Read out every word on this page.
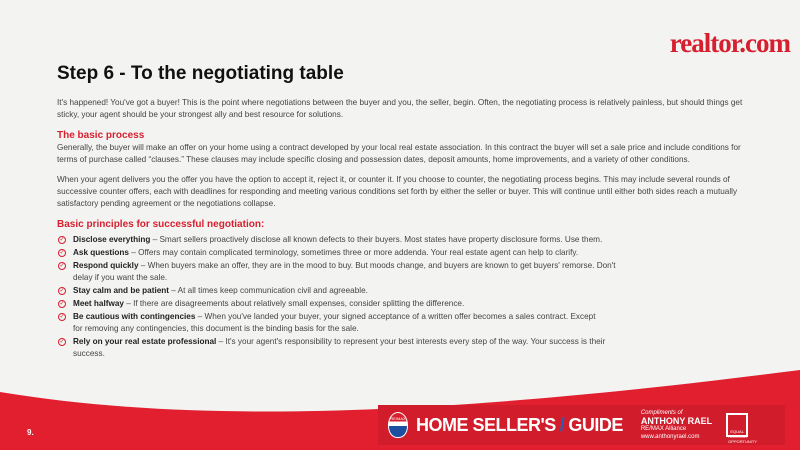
realtor.com
Step 6 - To the negotiating table

It's happened! You've got a buyer! This is the point where negotiations between the buyer and you, the seller, begin. Often, the negotiating process is relatively painless, but should things get sticky, your agent should be your strongest ally and best resource for solutions.

The basic process

Generally, the buyer will make an offer on your home using a contract developed by your local real estate association. In this contract the buyer will set a sale price and include conditions for terms of purchase called “clauses.” These clauses may include specific closing and possession dates, deposit amounts, home improvements, and a variety of other conditions.

When your agent delivers you the offer you have the option to accept it, reject it, or counter it. If you choose to counter, the negotiating process begins. This may include several rounds of successive counter offers, each with deadlines for responding and meeting various conditions set forth by either the seller or buyer. This will continue until either both sides reach a mutually satisfactory pending agreement or the negotiations collapse.

Basic principles for successful negotiation:
✓ Disclose everything – Smart sellers proactively disclose all known defects to their buyers. Most states have property disclosure forms. Use them.
✓ Ask questions – Offers may contain complicated terminology, sometimes three or more addenda. Your real estate agent can help to clarify.
✓ Respond quickly – When buyers make an offer, they are in the mood to buy. But moods change, and buyers are known to get buyers' remorse. Don't delay if you want the sale.
✓ Stay calm and be patient – At all times keep communication civil and agreeable.
✓ Meet halfway – If there are disagreements about relatively small expenses, consider splitting the difference.
✓ Be cautious with contingencies – When you've landed your buyer, your signed acceptance of a written offer becomes a sales contract. Except for removing any contingencies, this document is the binding basis for the sale.
✓ Rely on your real estate professional – It's your agent's responsibility to represent your best interests every step of the way. Your success is their success.
9.
RE/MAX HOME SELLER'S / GUIDE
Compliments of
ANTHONY RAEL
RE/MAX Alliance
www.anthonyrael.com
EQUAL HOUSING OPPORTUNITY
